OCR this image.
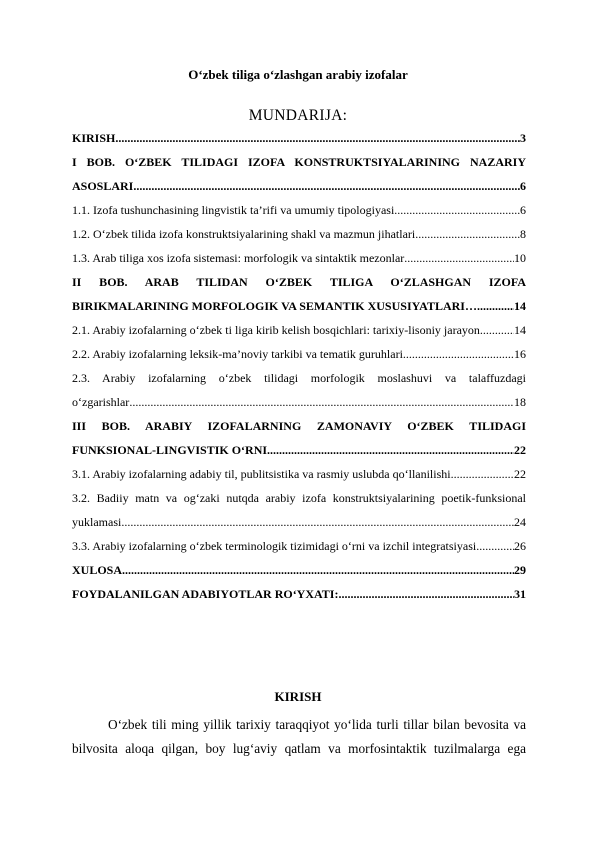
O‘zbek tiliga o‘zlashgan arabiy izofalar
MUNDARIJA:
KIRISH .....	3
I BOB. O‘ZBEK TILIDAGI IZOFA KONSTRUKTSIYALARINING NAZARIY
ASOSLARI .....	6
1.1. Izofa tushunchasining lingvistik ta’rifi va umumiy tipologiyasi .....	6
1.2. O‘zbek tilida izofa konstruktsiyalarining shakl va mazmun jihatlari .....	8
1.3. Arab tiliga xos izofa sistemasi: morfologik va sintaktik mezonlar .....	10
II BOB. ARAB TILIDAN O‘ZBEK TILIGA O‘ZLASHGAN IZOFA
BIRIKMALARINING MORFOLOGIK VA SEMANTIK XUSUSIYATLARI… .....	14
2.1. Arabiy izofalarning o‘zbek ti liga kirib kelish bosqichlari: tarixiy-lisoniy jarayon .....	14
2.2. Arabiy izofalarning leksik-ma’noviy tarkibi va tematik guruhlari .....	16
2.3. Arabiy izofalarning o‘zbek tilidagi morfologik moslashuvi va talaffuzdagi
o‘zgarishlar .....	18
III BOB. ARABIY IZOFALARNING ZAMONAVIY O‘ZBEK TILIDAGI
FUNKSIONAL-LINGVISTIK O‘RNI .....	22
3.1. Arabiy izofalarning adabiy til, publitsistika va rasmiy uslubda qo‘llanilishi .....	22
3.2. Badiiy matn va og‘zaki nutqda arabiy izofa konstruktsiyalarining poetik-funksional
yuklamasi .....	24
3.3. Arabiy izofalarning o‘zbek terminologik tizimidagi o‘rni va izchil integratsiyasi .....	26
XULOSA .....	29
FOYDALANILGAN ADABIYOTLAR RO‘YXATI: .....	31
KIRISH
O‘zbek tili ming yillik tarixiy taraqqiyot yo‘lida turli tillar bilan bevosita va
bilvosita aloqa qilgan, boy lug‘aviy qatlam va morfosintaktik tuzilmalarga ega
